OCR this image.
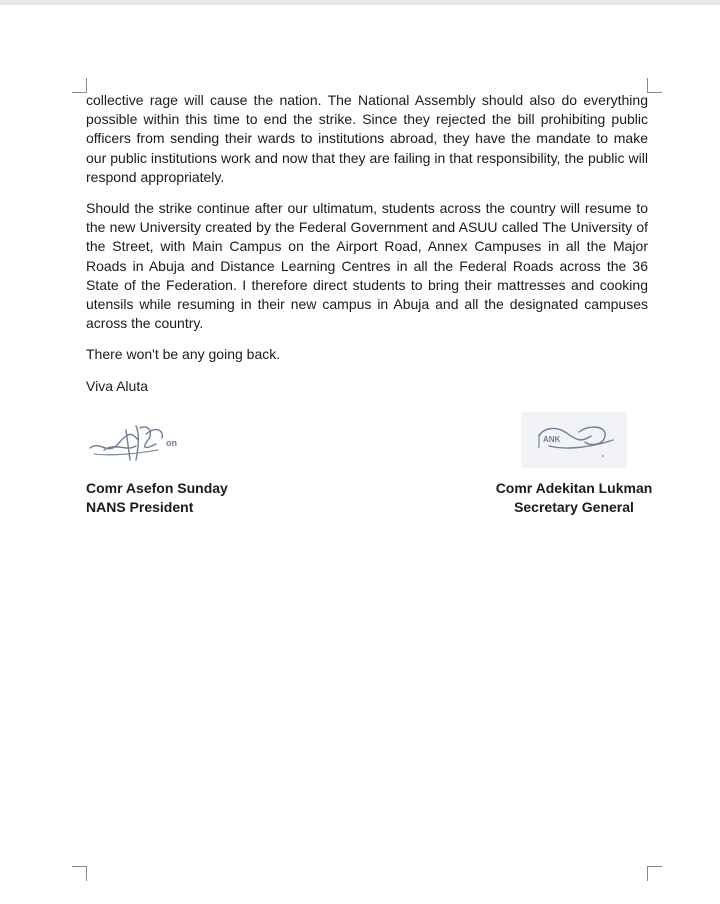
collective rage will cause the nation. The National Assembly should also do everything possible within this time to end the strike. Since they rejected the bill prohibiting public officers from sending their wards to institutions abroad, they have the mandate to make our public institutions work and now that they are failing in that responsibility, the public will respond appropriately.

Should the strike continue after our ultimatum, students across the country will resume to the new University created by the Federal Government and ASUU called The University of the Street, with Main Campus on the Airport Road, Annex Campuses in all the Major Roads in Abuja and Distance Learning Centres in all the Federal Roads across the 36 State of the Federation. I therefore direct students to bring their mattresses and cooking utensils while resuming in their new campus in Abuja and all the designated campuses across the country.

There won't be any going back.

Viva Aluta

on
Comr Asefon Sunday
NANS President
ANK
Comr Adekitan Lukman
Secretary General
